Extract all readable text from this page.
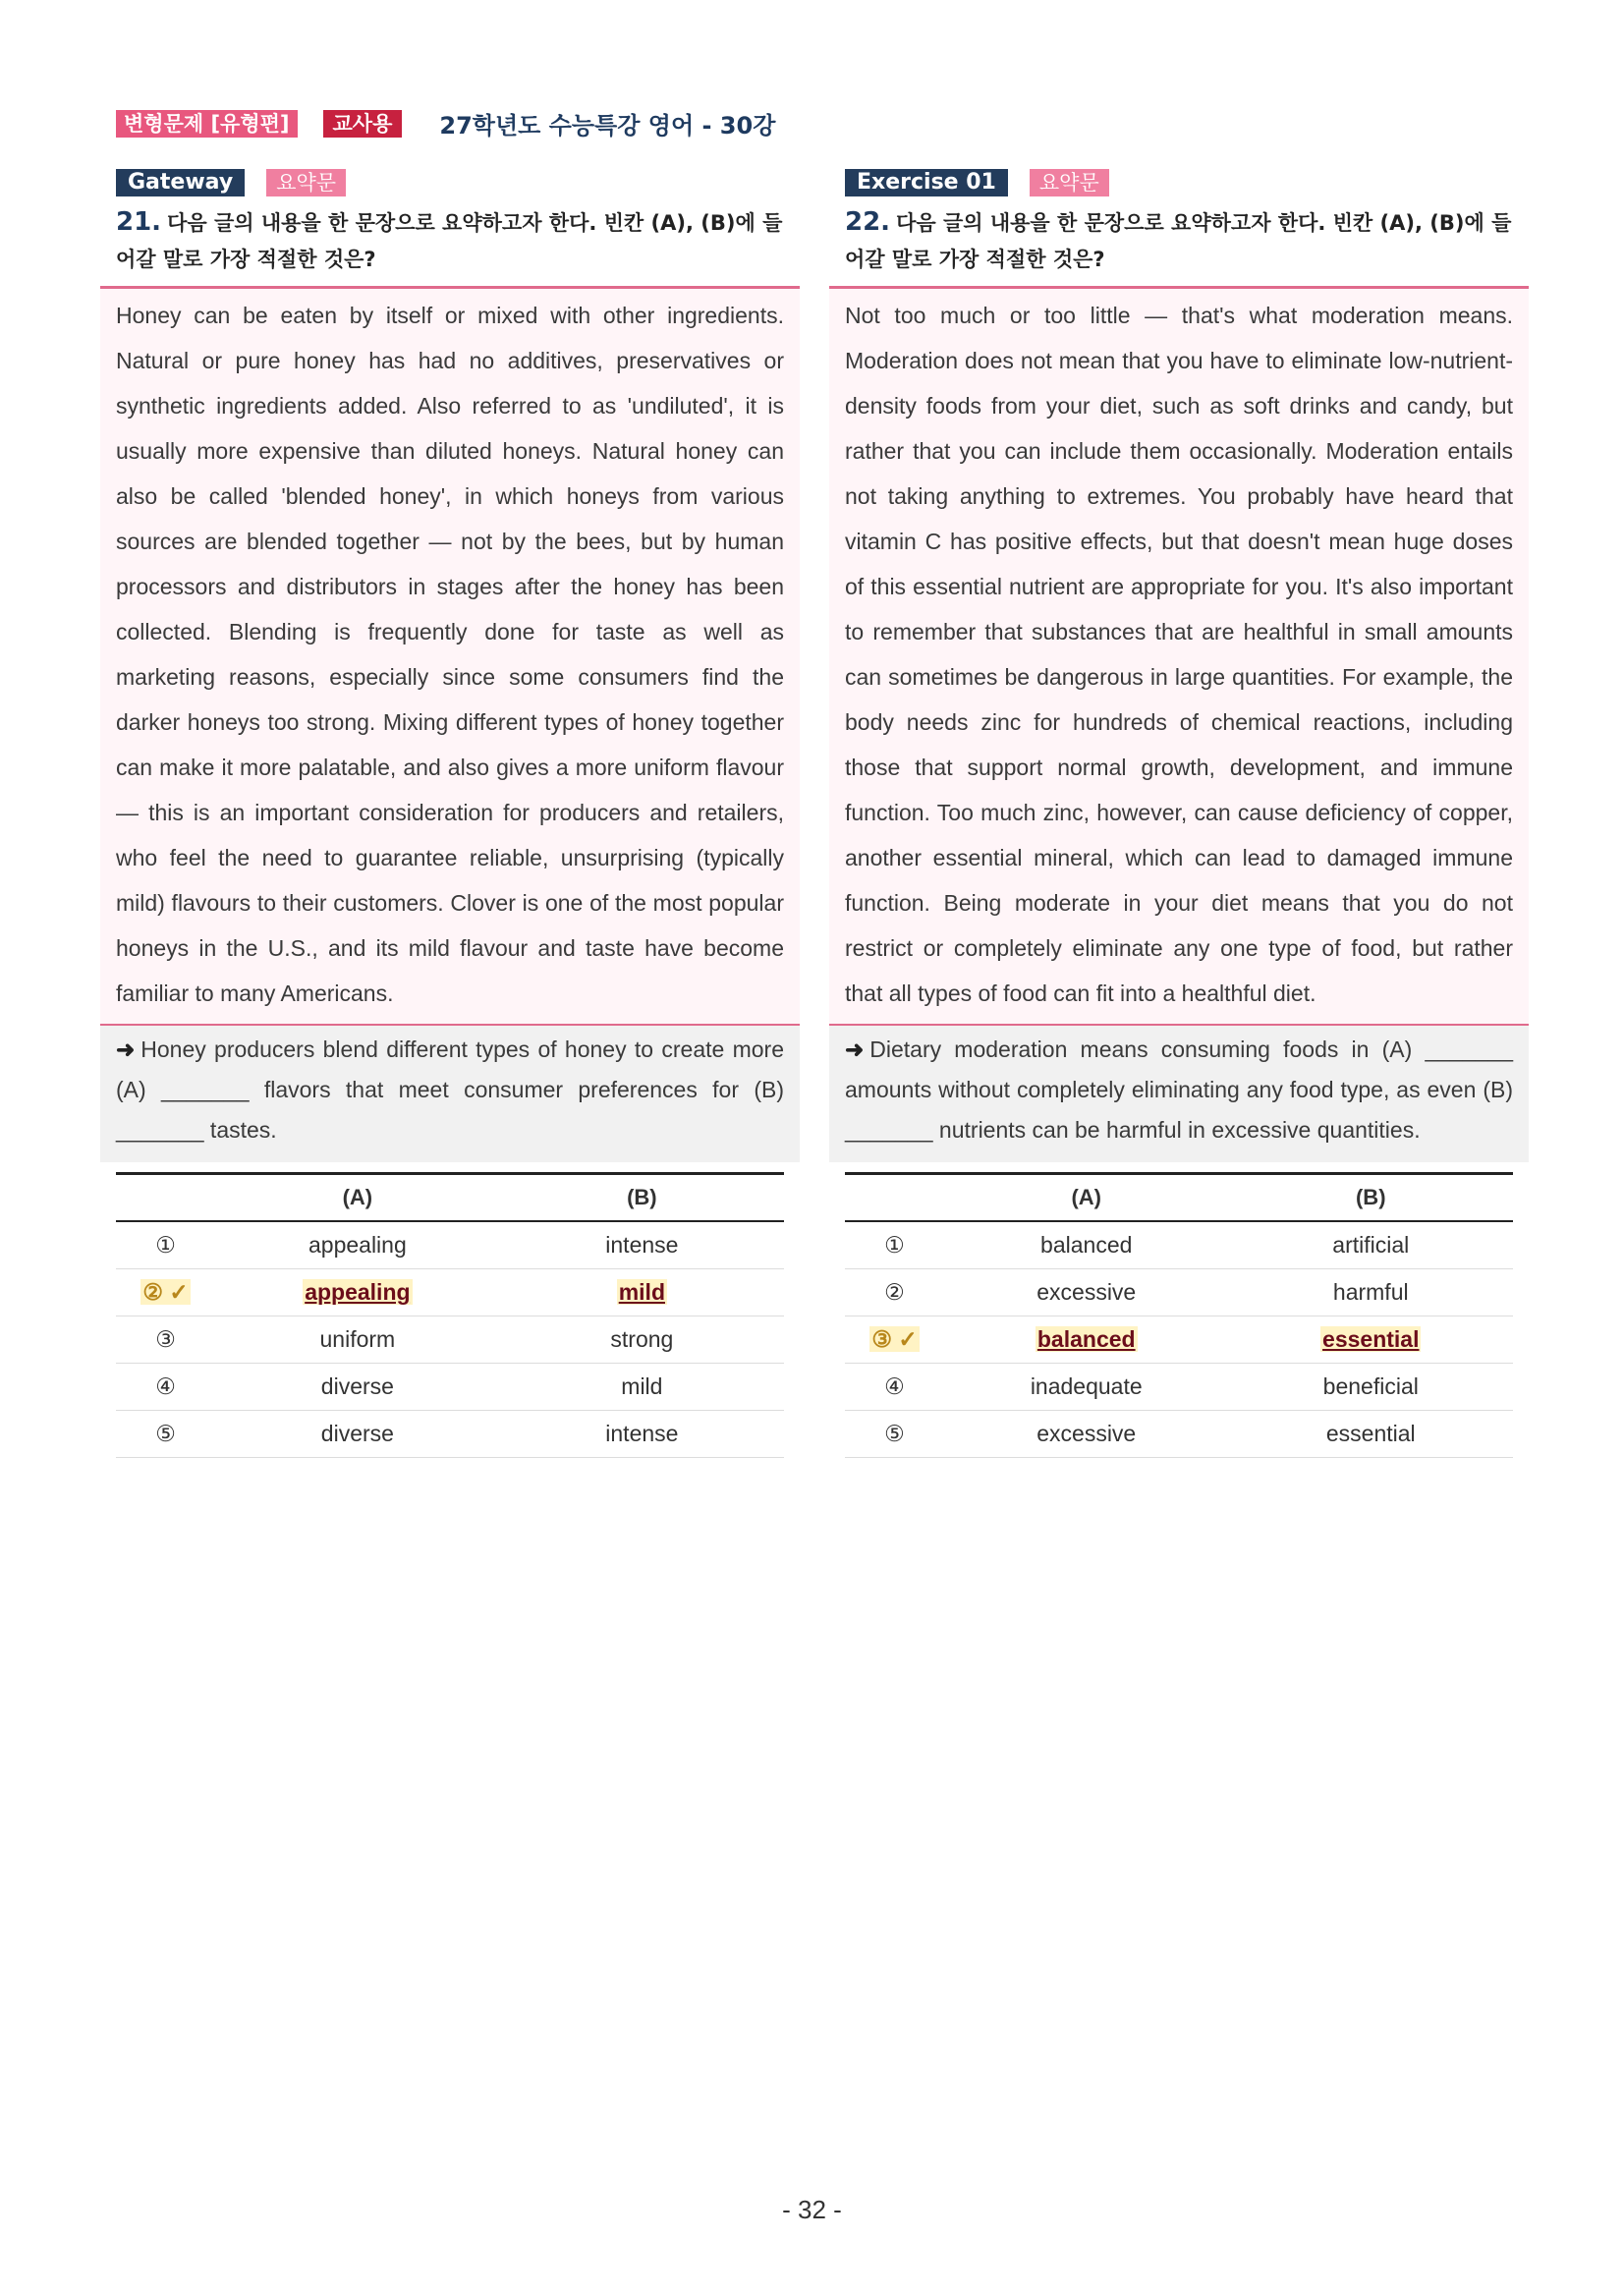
변형문제 [유형편]	교사용	27학년도 수능특강 영어 - 30강
Gateway	요약문
21. 다음 글의 내용을 한 문장으로 요약하고자 한다. 빈칸 (A), (B)에 들어갈 말로 가장 적절한 것은?
Honey can be eaten by itself or mixed with other ingredients. Natural or pure honey has had no additives, preservatives or synthetic ingredients added. Also referred to as 'undiluted', it is usually more expensive than diluted honeys. Natural honey can also be called 'blended honey', in which honeys from various sources are blended together — not by the bees, but by human processors and distributors in stages after the honey has been collected. Blending is frequently done for taste as well as marketing reasons, especially since some consumers find the darker honeys too strong. Mixing different types of honey together can make it more palatable, and also gives a more uniform flavour — this is an important consideration for producers and retailers, who feel the need to guarantee reliable, unsurprising (typically mild) flavours to their customers. Clover is one of the most popular honeys in the U.S., and its mild flavour and taste have become familiar to many Americans.
➜ Honey producers blend different types of honey to create more (A) _______ flavors that meet consumer preferences for (B) _______ tastes.
	(A)	(B)
①	appealing	intense
② ✓	appealing	mild
③	uniform	strong
④	diverse	mild
⑤	diverse	intense
Exercise 01	요약문
22. 다음 글의 내용을 한 문장으로 요약하고자 한다. 빈칸 (A), (B)에 들어갈 말로 가장 적절한 것은?
Not too much or too little — that's what moderation means. Moderation does not mean that you have to eliminate low-nutrient-density foods from your diet, such as soft drinks and candy, but rather that you can include them occasionally. Moderation entails not taking anything to extremes. You probably have heard that vitamin C has positive effects, but that doesn't mean huge doses of this essential nutrient are appropriate for you. It's also important to remember that substances that are healthful in small amounts can sometimes be dangerous in large quantities. For example, the body needs zinc for hundreds of chemical reactions, including those that support normal growth, development, and immune function. Too much zinc, however, can cause deficiency of copper, another essential mineral, which can lead to damaged immune function. Being moderate in your diet means that you do not restrict or completely eliminate any one type of food, but rather that all types of food can fit into a healthful diet.
➜ Dietary moderation means consuming foods in (A) _______ amounts without completely eliminating any food type, as even (B) _______ nutrients can be harmful in excessive quantities.
	(A)	(B)
①	balanced	artificial
②	excessive	harmful
③ ✓	balanced	essential
④	inadequate	beneficial
⑤	excessive	essential
- 32 -
